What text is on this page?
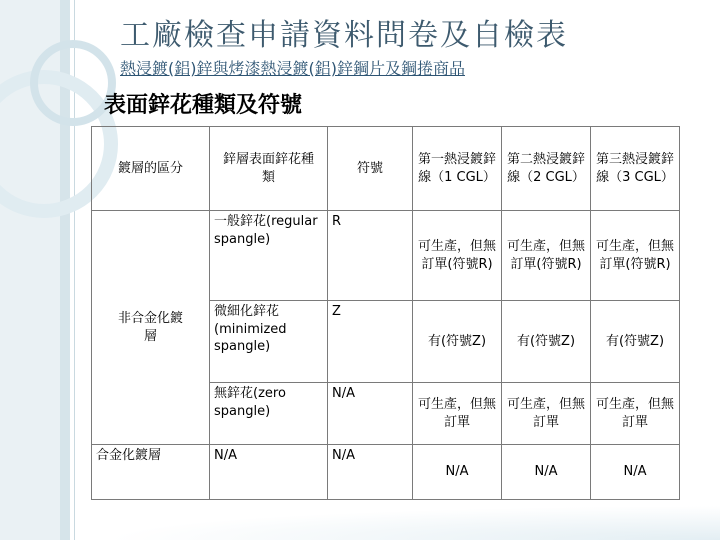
工廠檢查申請資料問卷及自檢表
熱浸鍍(鋁)鋅與烤漆熱浸鍍(鋁)鋅鋼片及鋼捲商品
表面鋅花種類及符號
鍍層的區分	鋅層表面鋅花種類	符號	第一熱浸鍍鋅線（1 CGL）	第二熱浸鍍鋅線（2 CGL）	第三熱浸鍍鋅線（3 CGL）
非合金化鍍層	一般鋅花(regular spangle)	R	可生產，但無訂單(符號R)	可生產，但無訂單(符號R)	可生產，但無訂單(符號R)
	微細化鋅花(minimized spangle)	Z	有(符號Z)	有(符號Z)	有(符號Z)
	無鋅花(zero spangle)	N/A	可生產，但無訂單	可生產，但無訂單	可生產，但無訂單
合金化鍍層	N/A	N/A	N/A	N/A	N/A
